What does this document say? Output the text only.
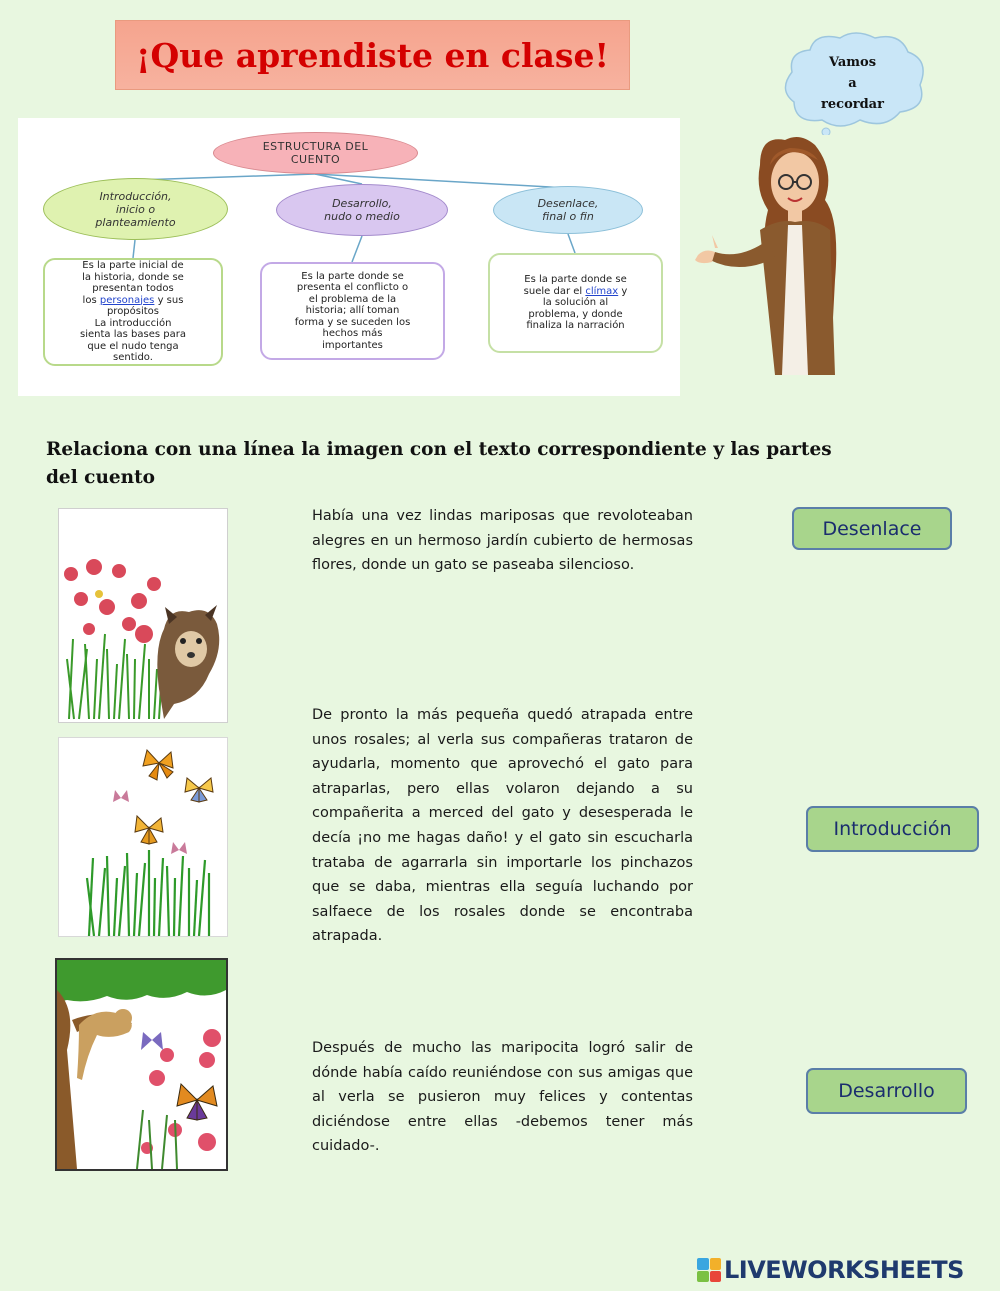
¡Que aprendiste en clase!	Vamos
a
recordar
ESTRUCTURA DEL
CUENTO
Introducción,
inicio o
planteamiento
Desarrollo,
nudo o medio
Desenlace,
final o fin
Es la parte inicial de
la historia, donde se
presentan todos
los personajes y sus
propósitos
La introducción
sienta las bases para
que el nudo tenga
sentido.
Es la parte donde se
presenta el conflicto o
el problema de la
historia; allí toman
forma y se suceden los
hechos más
importantes
Es la parte donde se
suele dar el clímax y
la solución al
problema, y donde
finaliza la narración
Relaciona con una línea la imagen con el texto correspondiente y las partes del cuento
Había una vez lindas mariposas que revoloteaban alegres en un hermoso jardín cubierto de hermosas flores, donde un gato se paseaba silencioso.
De pronto la más pequeña quedó atrapada entre unos rosales; al verla sus compañeras trataron de ayudarla, momento que aprovechó el gato para atraparlas, pero ellas volaron dejando a su compañerita a merced del gato y desesperada le decía ¡no me hagas daño! y el gato sin escucharla trataba de agarrarla sin importarle los pinchazos que se daba, mientras ella seguía luchando por salfaece de los rosales donde se encontraba atrapada.
Después de mucho las maripocita logró salir de dónde había caído reuniéndose con sus amigas que al verla se pusieron muy felices y contentas diciéndose entre ellas -debemos tener más cuidado-.
Desenlace
Introducción
Desarrollo
LIVEWORKSHEETS
